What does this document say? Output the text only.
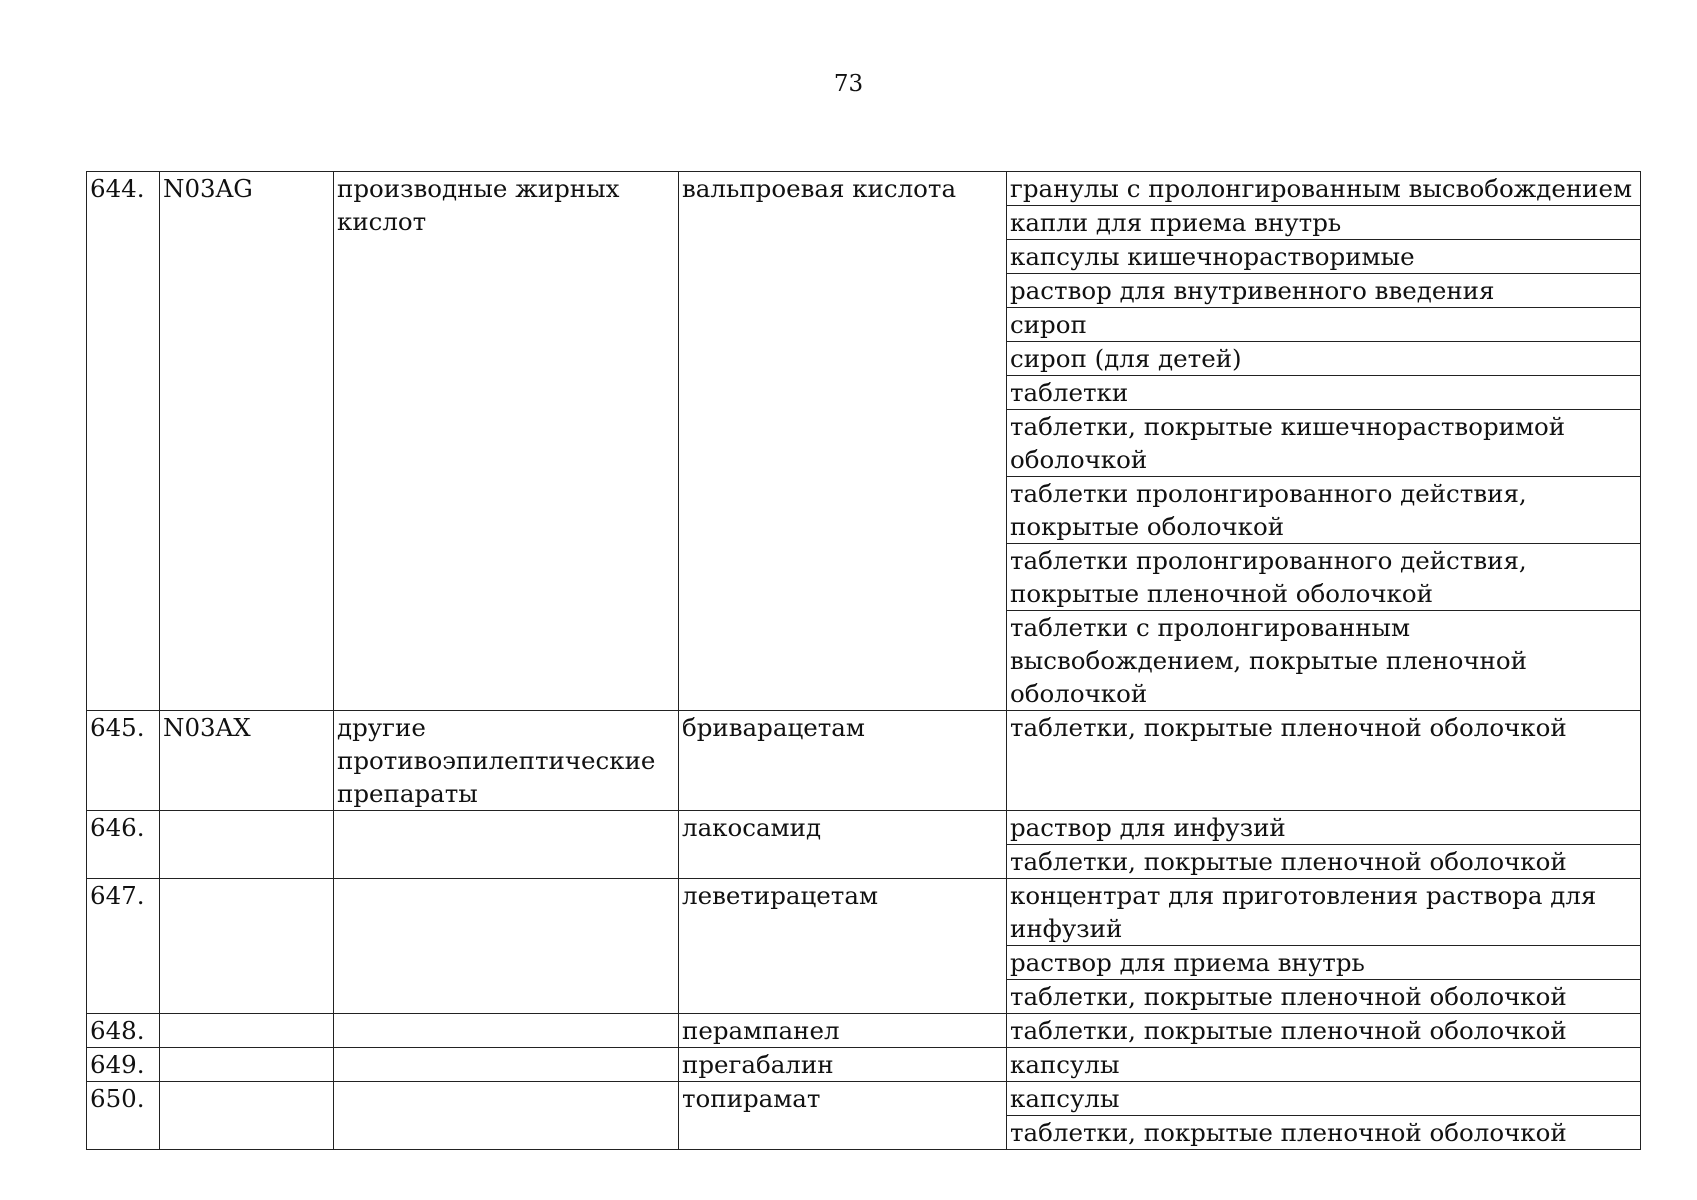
73
644.	N03AG	производные жирных кислот	вальпроевая кислота	гранулы с пролонгированным высвобождением
				капли для приема внутрь
				капсулы кишечнорастворимые
				раствор для внутривенного введения
				сироп
				сироп (для детей)
				таблетки
				таблетки, покрытые кишечнорастворимой оболочкой
				таблетки пролонгированного действия, покрытые оболочкой
				таблетки пролонгированного действия, покрытые пленочной оболочкой
				таблетки с пролонгированным высвобождением, покрытые пленочной оболочкой
645.	N03AX	другие противоэпилептические препараты	бриварацетам	таблетки, покрытые пленочной оболочкой
646.			лакосамид	раствор для инфузий
				таблетки, покрытые пленочной оболочкой
647.			леветирацетам	концентрат для приготовления раствора для инфузий
				раствор для приема внутрь
				таблетки, покрытые пленочной оболочкой
648.			перампанел	таблетки, покрытые пленочной оболочкой
649.			прегабалин	капсулы
650.			топирамат	капсулы
				таблетки, покрытые пленочной оболочкой
